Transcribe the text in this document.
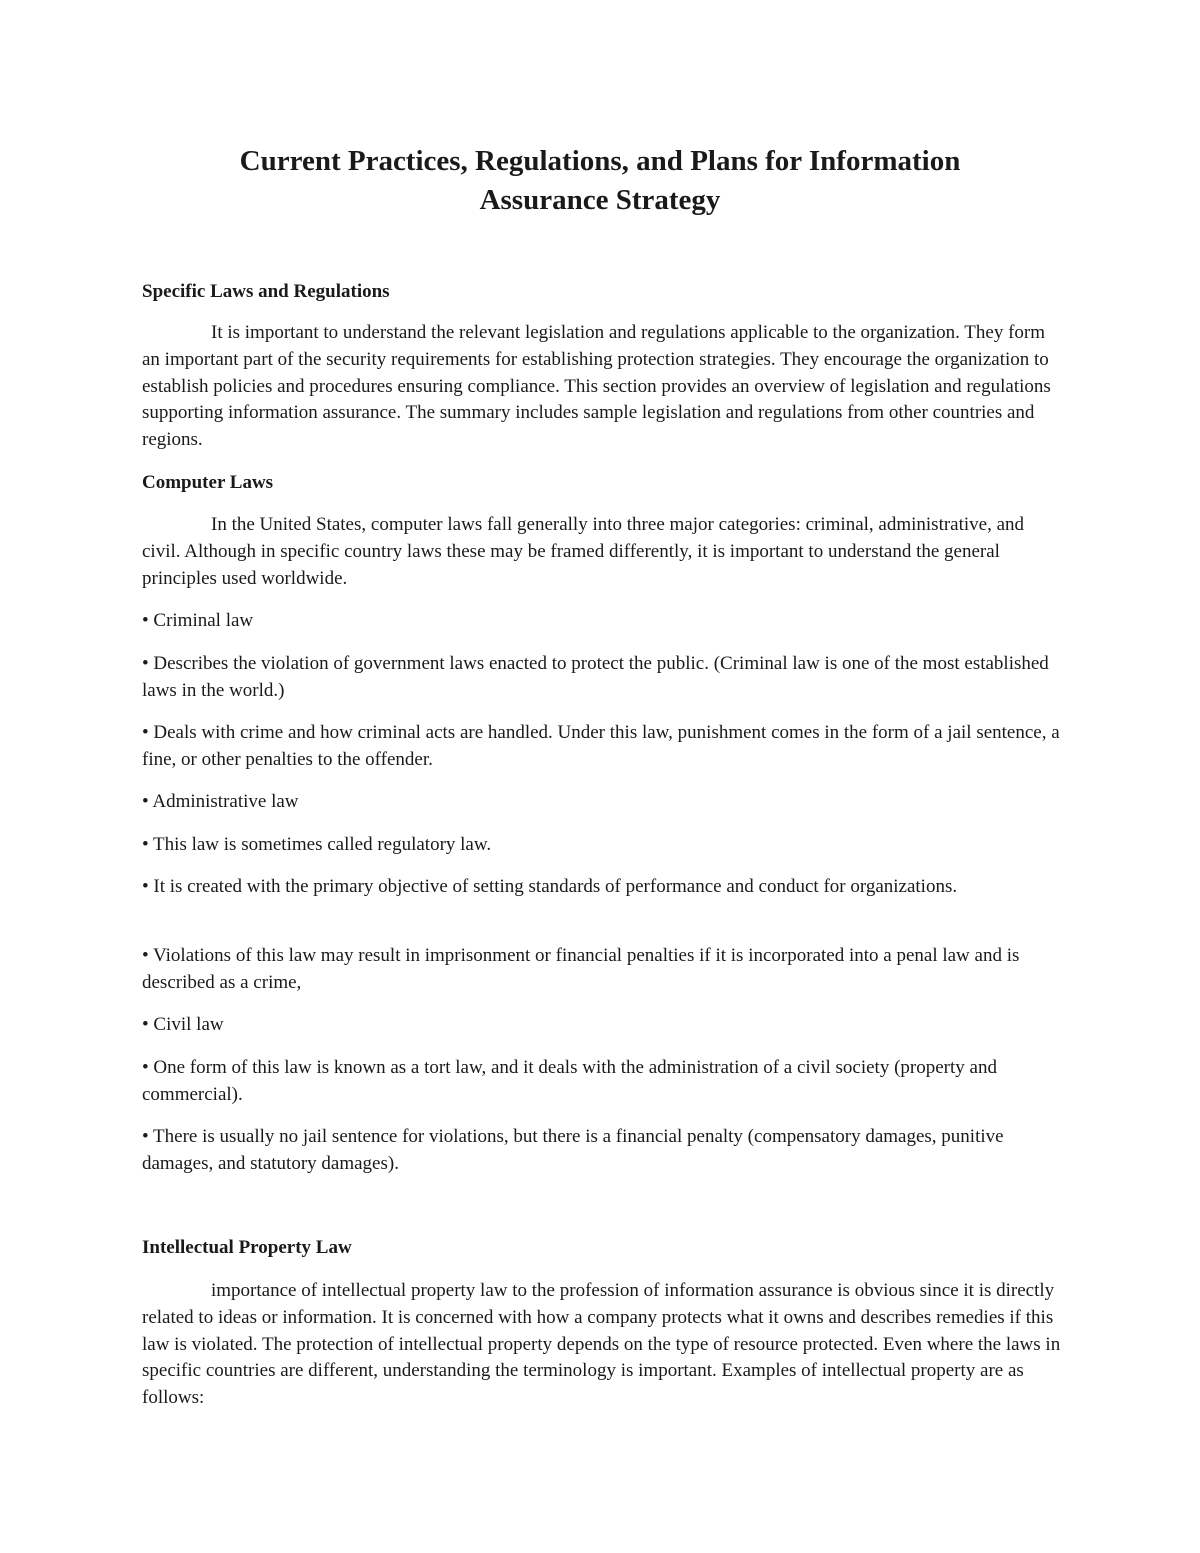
Current Practices, Regulations, and Plans for Information
Assurance Strategy
Specific Laws and Regulations

It is important to understand the relevant legislation and regulations applicable to the organization. They form an important part of the security requirements for establishing protection strategies. They encourage the organization to establish policies and procedures ensuring compliance. This section provides an overview of legislation and regulations supporting information assurance. The summary includes sample legislation and regulations from other countries and regions.

Computer Laws

In the United States, computer laws fall generally into three major categories: criminal, administrative, and civil. Although in specific country laws these may be framed differently, it is important to understand the general principles used worldwide.

• Criminal law

• Describes the violation of government laws enacted to protect the public. (Criminal law is one of the most established laws in the world.)

• Deals with crime and how criminal acts are handled. Under this law, punishment comes in the form of a jail sentence, a fine, or other penalties to the offender.

• Administrative law

• This law is sometimes called regulatory law.

• It is created with the primary objective of setting standards of performance and conduct for organizations.

• Violations of this law may result in imprisonment or financial penalties if it is incorporated into a penal law and is described as a crime,

• Civil law

• One form of this law is known as a tort law, and it deals with the administration of a civil society (property and commercial).

• There is usually no jail sentence for violations, but there is a financial penalty (compensatory damages, punitive damages, and statutory damages).

Intellectual Property Law

importance of intellectual property law to the profession of information assurance is obvious since it is directly related to ideas or information. It is concerned with how a company protects what it owns and describes remedies if this law is violated. The protection of intellectual property depends on the type of resource protected. Even where the laws in specific countries are different, understanding the terminology is important. Examples of intellectual property are as follows:
